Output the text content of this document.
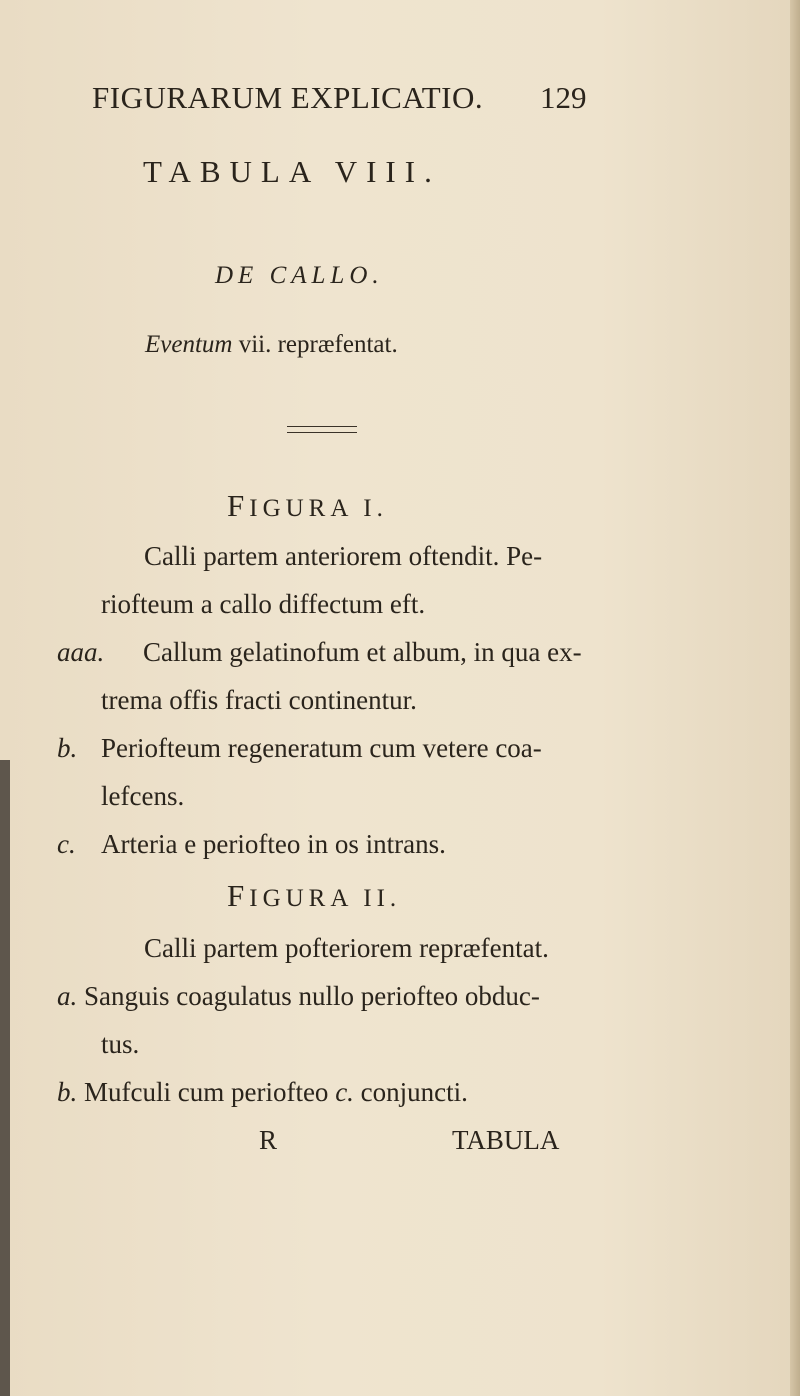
FIGURARUM EXPLICATIO. 129

TABULA VIII.

DE CALLO.

Eventum vii. repræfentat.

FIGURA I.

Calli partem anteriorem oftendit. Pe-

riofteum a callo diffectum eft.

aaa. Callum gelatinofum et album, in qua ex-

trema offis fracti continentur.

b. Periofteum regeneratum cum vetere coa-

lefcens.

c. Arteria e periofteo in os intrans.

FIGURA II.

Calli partem pofteriorem repræfentat.

a. Sanguis coagulatus nullo periofteo obduc-

tus.

b. Mufculi cum periofteo c. conjuncti.

R	TABULA
